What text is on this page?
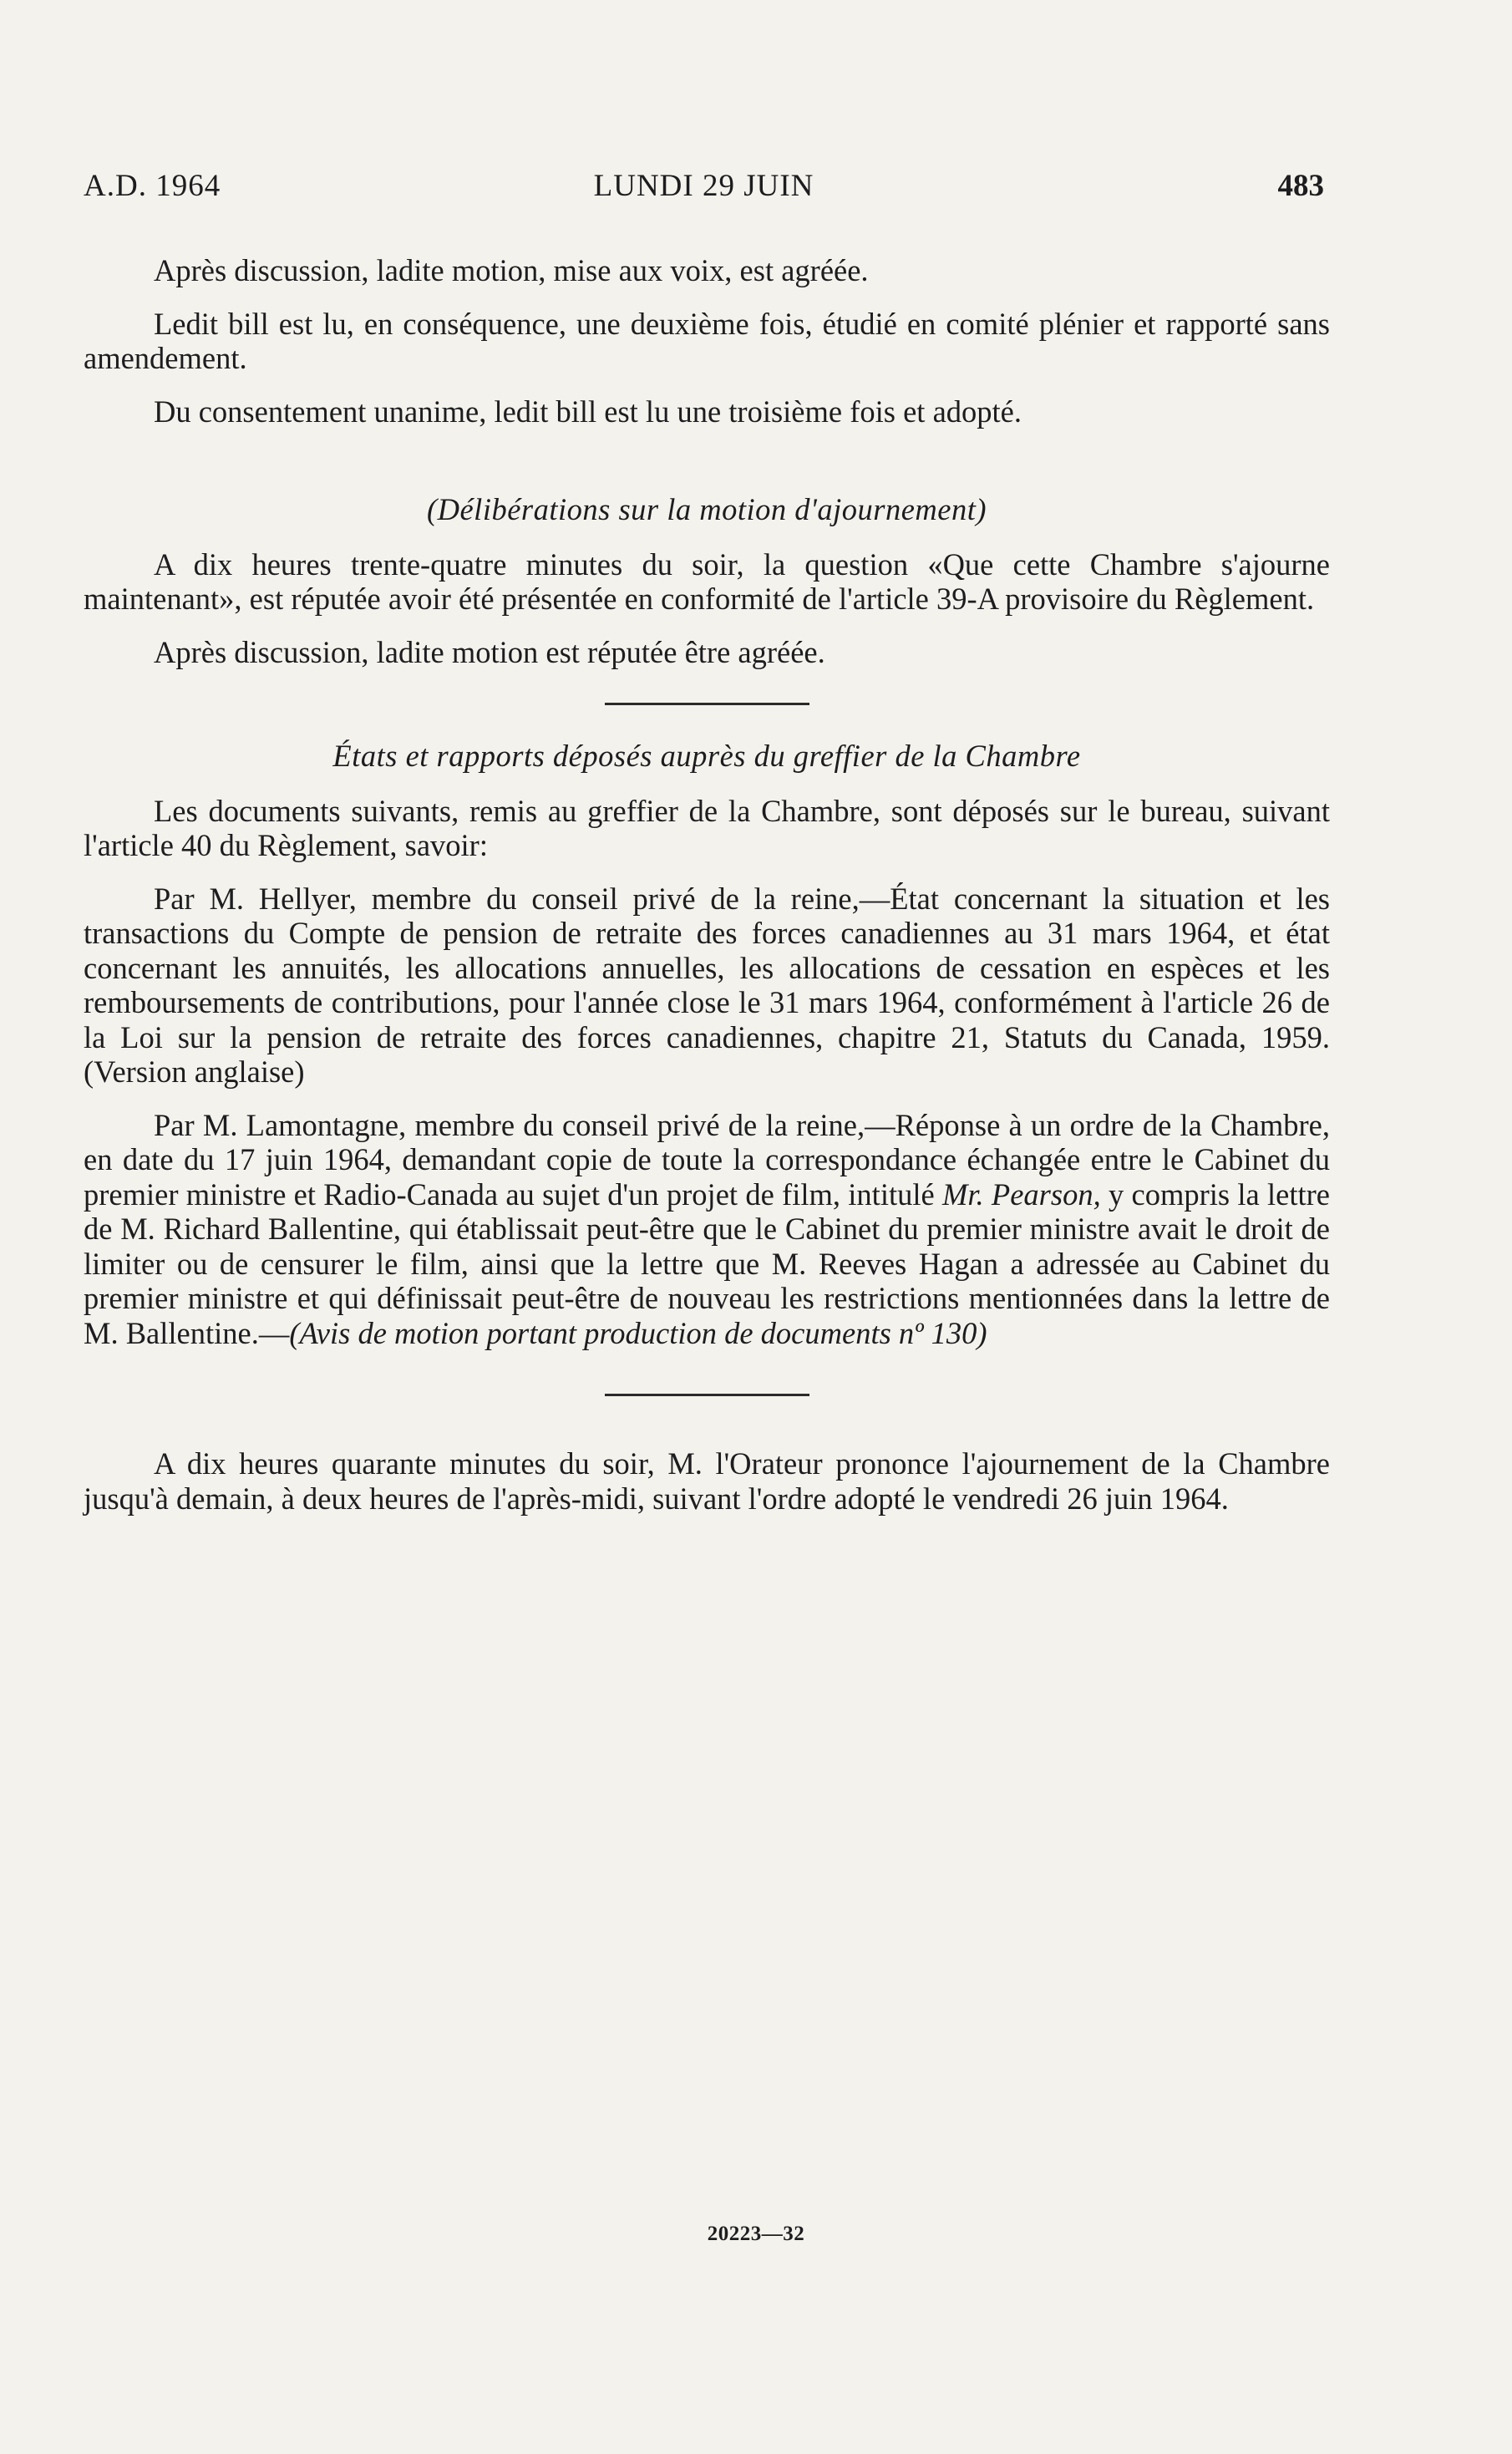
A.D. 1964	LUNDI 29 JUIN	483

Après discussion, ladite motion, mise aux voix, est agréée.

Ledit bill est lu, en conséquence, une deuxième fois, étudié en comité plénier et rapporté sans amendement.

Du consentement unanime, ledit bill est lu une troisième fois et adopté.

(Délibérations sur la motion d'ajournement)

A dix heures trente-quatre minutes du soir, la question «Que cette Chambre s'ajourne maintenant», est réputée avoir été présentée en conformité de l'article 39-A provisoire du Règlement.

Après discussion, ladite motion est réputée être agréée.

États et rapports déposés auprès du greffier de la Chambre

Les documents suivants, remis au greffier de la Chambre, sont déposés sur le bureau, suivant l'article 40 du Règlement, savoir:

Par M. Hellyer, membre du conseil privé de la reine,—État concernant la situation et les transactions du Compte de pension de retraite des forces canadiennes au 31 mars 1964, et état concernant les annuités, les allocations annuelles, les allocations de cessation en espèces et les remboursements de contributions, pour l'année close le 31 mars 1964, conformément à l'article 26 de la Loi sur la pension de retraite des forces canadiennes, chapitre 21, Statuts du Canada, 1959. (Version anglaise)

Par M. Lamontagne, membre du conseil privé de la reine,—Réponse à un ordre de la Chambre, en date du 17 juin 1964, demandant copie de toute la correspondance échangée entre le Cabinet du premier ministre et Radio-Canada au sujet d'un projet de film, intitulé Mr. Pearson, y compris la lettre de M. Richard Ballentine, qui établissait peut-être que le Cabinet du premier ministre avait le droit de limiter ou de censurer le film, ainsi que la lettre que M. Reeves Hagan a adressée au Cabinet du premier ministre et qui définissait peut-être de nouveau les restrictions mentionnées dans la lettre de M. Ballentine.—(Avis de motion portant production de documents nº 130)

A dix heures quarante minutes du soir, M. l'Orateur prononce l'ajournement de la Chambre jusqu'à demain, à deux heures de l'après-midi, suivant l'ordre adopté le vendredi 26 juin 1964.

20223—32
